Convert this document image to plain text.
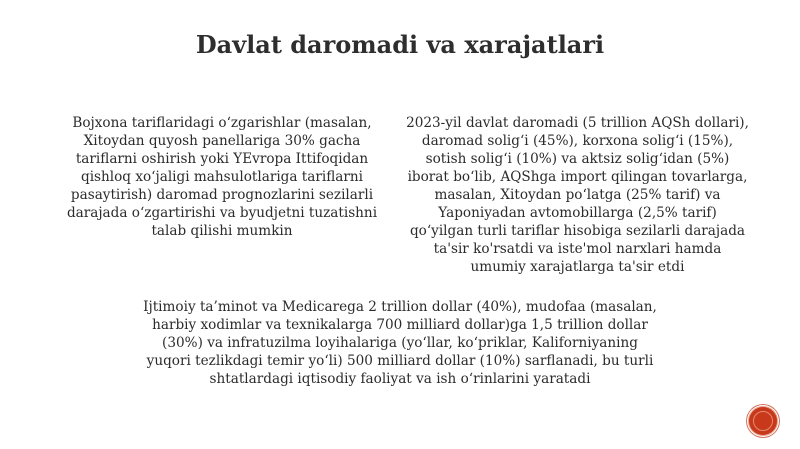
Davlat daromadi va xarajatlari

Bojxona tariflaridagi o‘zgarishlar (masalan, Xitoydan quyosh panellariga 30% gacha tariflarni oshirish yoki YEvropa Ittifoqidan qishloq xo‘jaligi mahsulotlariga tariflarni pasaytirish) daromad prognozlarini sezilarli darajada o‘zgartirishi va byudjetni tuzatishni talab qilishi mumkin

2023-yil davlat daromadi (5 trillion AQSh dollari), daromad solig‘i (45%), korxona solig‘i (15%), sotish solig‘i (10%) va aktsiz solig‘idan (5%) iborat bo‘lib, AQShga import qilingan tovarlarga, masalan, Xitoydan po‘latga (25% tarif) va Yaponiyadan avtomobillarga (2,5% tarif) qo‘yilgan turli tariflar hisobiga sezilarli darajada ta'sir ko'rsatdi va iste'mol narxlari hamda umumiy xarajatlarga ta'sir etdi

Ijtimoiy ta’minot va Medicarega 2 trillion dollar (40%), mudofaa (masalan, harbiy xodimlar va texnikalarga 700 milliard dollar)ga 1,5 trillion dollar (30%) va infratuzilma loyihalariga (yo‘llar, ko‘priklar, Kaliforniyaning yuqori tezlikdagi temir yo‘li) 500 milliard dollar (10%) sarflanadi, bu turli shtatlardagi iqtisodiy faoliyat va ish o‘rinlarini yaratadi
